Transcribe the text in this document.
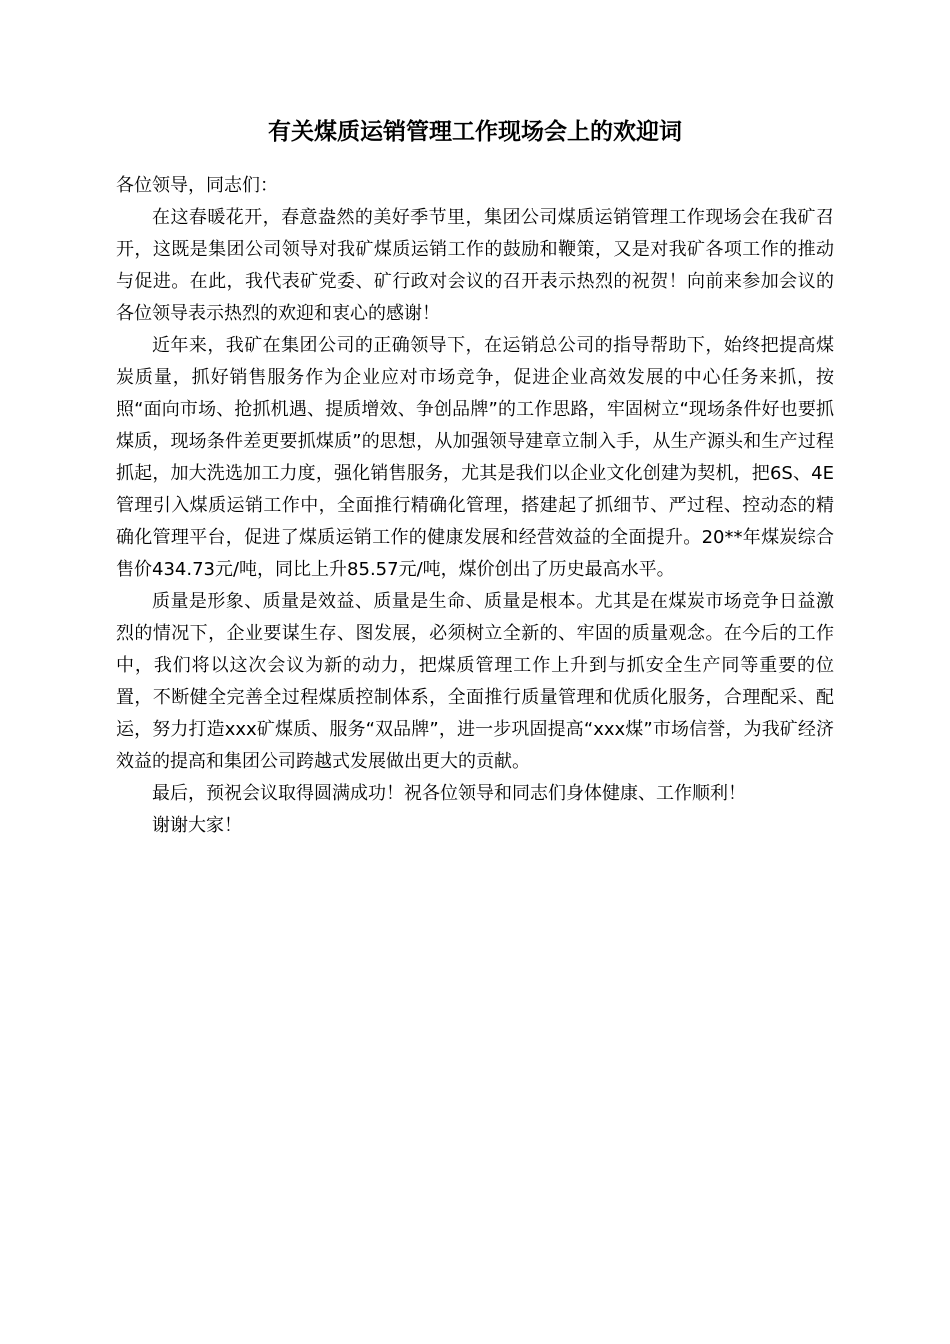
有关煤质运销管理工作现场会上的欢迎词

各位领导，同志们：

在这春暖花开，春意盎然的美好季节里，集团公司煤质运销管理工作现场会在我矿召开，这既是集团公司领导对我矿煤质运销工作的鼓励和鞭策，又是对我矿各项工作的推动与促进。在此，我代表矿党委、矿行政对会议的召开表示热烈的祝贺！向前来参加会议的各位领导表示热烈的欢迎和衷心的感谢！

近年来，我矿在集团公司的正确领导下，在运销总公司的指导帮助下，始终把提高煤炭质量，抓好销售服务作为企业应对市场竞争，促进企业高效发展的中心任务来抓，按照“面向市场、抢抓机遇、提质增效、争创品牌”的工作思路，牢固树立“现场条件好也要抓煤质，现场条件差更要抓煤质”的思想，从加强领导建章立制入手，从生产源头和生产过程抓起，加大洗选加工力度，强化销售服务，尤其是我们以企业文化创建为契机，把6S、4E管理引入煤质运销工作中，全面推行精确化管理，搭建起了抓细节、严过程、控动态的精确化管理平台，促进了煤质运销工作的健康发展和经营效益的全面提升。20**年煤炭综合售价434.73元/吨，同比上升85.57元/吨，煤价创出了历史最高水平。

质量是形象、质量是效益、质量是生命、质量是根本。尤其是在煤炭市场竞争日益激烈的情况下，企业要谋生存、图发展，必须树立全新的、牢固的质量观念。在今后的工作中，我们将以这次会议为新的动力，把煤质管理工作上升到与抓安全生产同等重要的位置，不断健全完善全过程煤质控制体系，全面推行质量管理和优质化服务，合理配采、配运，努力打造xxx矿煤质、服务“双品牌”，进一步巩固提高“xxx煤”市场信誉，为我矿经济效益的提高和集团公司跨越式发展做出更大的贡献。

最后，预祝会议取得圆满成功！祝各位领导和同志们身体健康、工作顺利！

谢谢大家！
